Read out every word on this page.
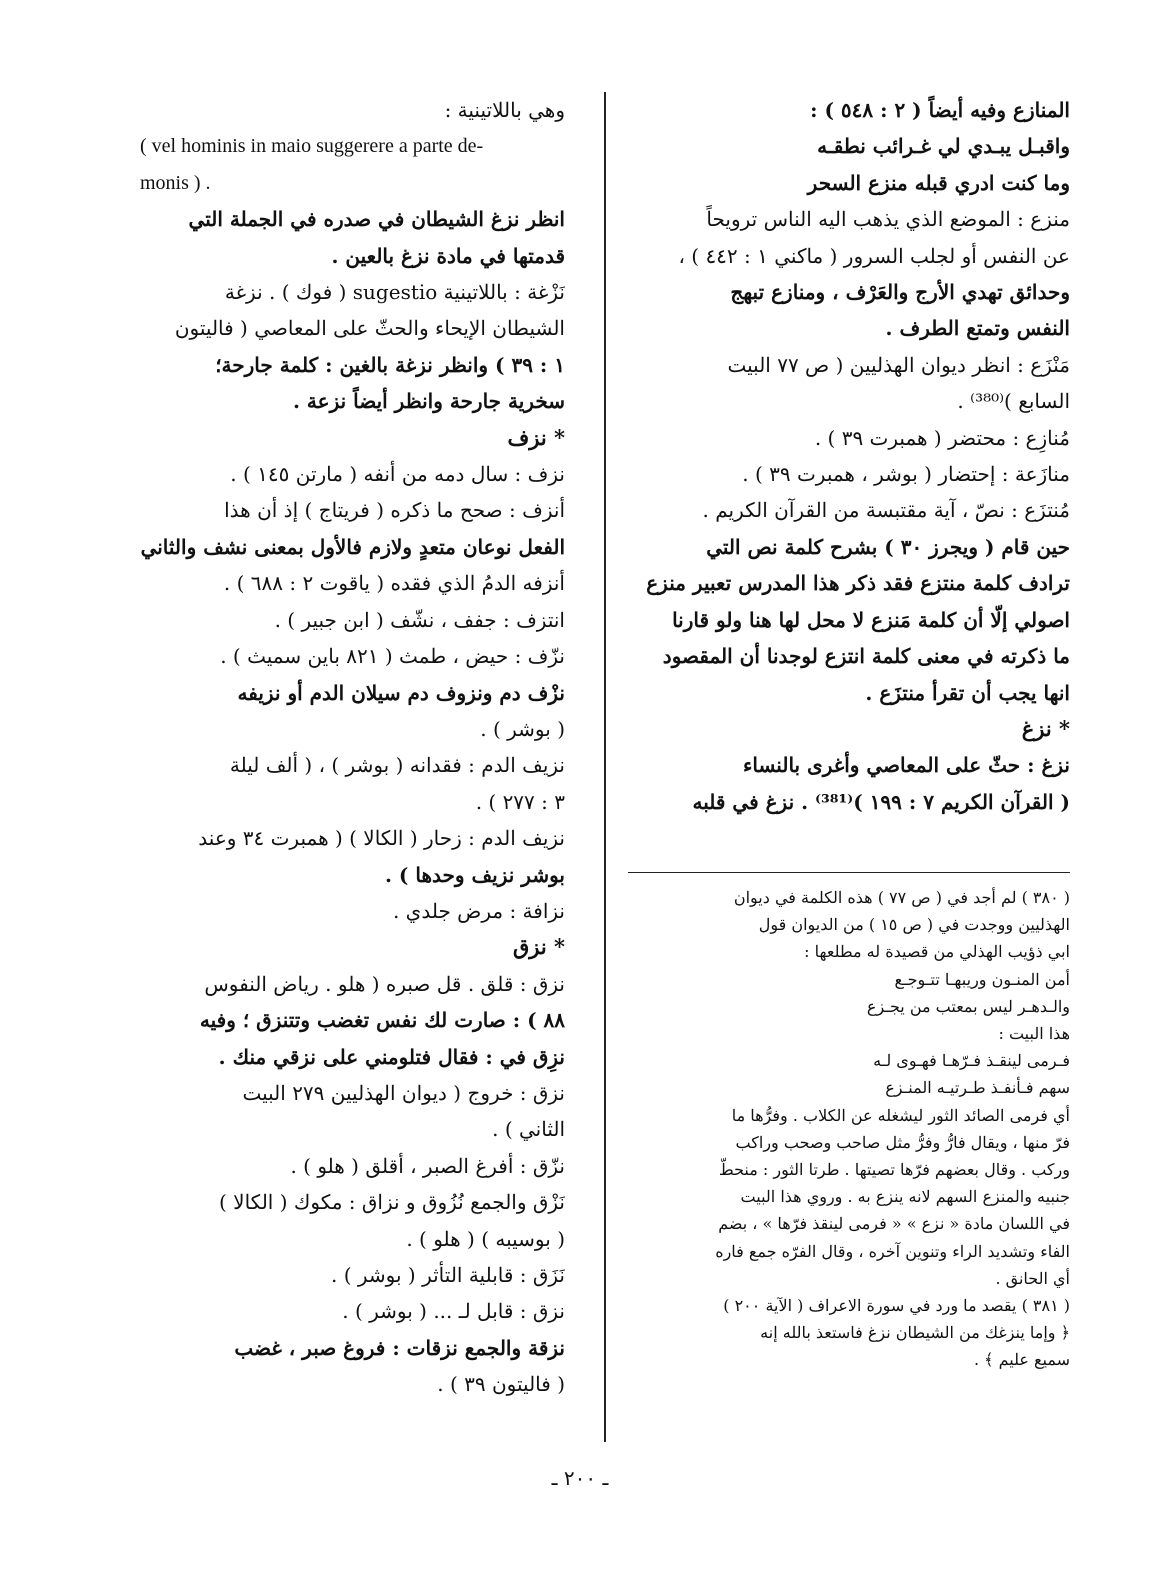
المنازع وفيه أيضاً ( ٢ : ٥٤٨ ) :
واقبـل يبـدي لي غـرائب نطقـه
وما كنت ادري قبله منزع السحر
منزع : الموضع الذي يذهب اليه الناس ترويحاً
عن النفس أو لجلب السرور ( ماكني ١ : ٤٤٢ ) ،
وحدائق تهدي الأرج والعَرْف ، ومنازع تبهج
النفس وتمتع الطرف .
مَنْزَع : انظر ديوان الهذليين ( ص ٧٧ البيت
السابع )⁽³⁸⁰⁾ .
مُنازِع : محتضر ( همبرت ٣٩ ) .
منازَعة : إحتضار ( بوشر ، همبرت ٣٩ ) .
مُنتزَع : نصّ ، آية مقتبسة من القرآن الكريم .
حين قام ( ويجرز ٣٠ ) بشرح كلمة نص التي
ترادف كلمة منتزع فقد ذكر هذا المدرس تعبير منزع
اصولي إلّا أن كلمة مَنزع لا محل لها هنا ولو قارنا
ما ذكرته في معنى كلمة انتزع لوجدنا أن المقصود
انها يجب أن تقرأ منتزَع .
* نزغ
نزغ : حثّ على المعاصي وأغرى بالنساء
( القرآن الكريم ٧ : ١٩٩ )⁽³⁸¹⁾ . نزغ في قلبه
وهي باللاتينية :
( vel hominis in maio suggerere a parte de-
monis ) .
انظر نزغ الشيطان في صدره في الجملة التي
قدمتها في مادة نزغ بالعين .
نَزْغة : باللاتينية sugestio ( فوك ) . نزغة
الشيطان الإيحاء والحثّ على المعاصي ( فاليتون
١ : ٣٩ ) وانظر نزغة بالغين : كلمة جارحة؛
سخرية جارحة وانظر أيضاً نزعة .
* نزف
نزف : سال دمه من أنفه ( مارتن ١٤٥ ) .
أنزف : صحح ما ذكره ( فريتاج ) إذ أن هذا
الفعل نوعان متعدٍ ولازم فالأول بمعنى نشف والثاني
أنزفه الدمُ الذي فقده ( ياقوت ٢ : ٦٨٨ ) .
انتزف : جفف ، نشّف ( ابن جبير ) .
نزّف : حيض ، طمث ( ٨٢١ باين سميث ) .
نزْف دم ونزوف دم سيلان الدم أو نزيفه
( بوشر ) .
نزيف الدم : فقدانه ( بوشر ) ، ( ألف ليلة
٣ : ٢٧٧ ) .
نزيف الدم : زحار ( الكالا ) ( همبرت ٣٤ وعند
بوشر نزيف وحدها ) .
نزافة : مرض جلدي .
* نزق
نزق : قلق . قل صبره ( هلو . رياض النفوس
٨٨ ) : صارت لك نفس تغضب وتتنزق ؛ وفيه
نزِق في : فقال فتلومني على نزقي منك .
نزق : خروج ( ديوان الهذليين ٢٧٩ البيت
الثاني ) .
نزّق : أفرغ الصبر ، أقلق ( هلو ) .
نَزْق والجمع نُزُوق و نزاق : مكوك ( الكالا )
( بوسيبه ) ( هلو ) .
نَزَق : قابلية التأثر ( بوشر ) .
نزق : قابل لـ ... ( بوشر ) .
نزقة والجمع نزقات : فروغ صبر ، غضب
( فاليتون ٣٩ ) .
( ٣٨٠ ) لم أجد في ( ص ٧٧ ) هذه الكلمة في ديوان
الهذليين ووجدت في ( ص ١٥ ) من الديوان قول
ابي ذؤيب الهذلي من قصيدة له مطلعها :
أمن المنـون وريبهـا تتـوجـع
والـدهـر ليس بمعتب من يجـزع
هذا البيت :
فـرمى لينقـذ فـرّهـا فهـوى لـه
سهم فـأنفـذ طـرتيـه المنـزع
أي فرمى الصائد الثور ليشغله عن الكلاب . وفرُّها ما
فرّ منها ، ويقال فارُّ وفرُّ مثل صاحب وصحب وراكب
وركب . وقال بعضهم فرّها تصيتها . طرتا الثور : منحطّ
جنبيه والمنزع السهم لانه ينزع به . وروي هذا البيت
في اللسان مادة « نزع » « فرمى لينقذ فرّها » ، بضم
الفاء وتشديد الراء وتنوين آخره ، وقال الفرّه جمع فاره
أي الحانق .
( ٣٨١ ) يقصد ما ورد في سورة الاعراف ( الآية ٢٠٠ )
﴿ وإما ينزغك من الشيطان نزغ فاستعذ بالله إنه
سميع عليم ﴾ .
ـ ٢٠٠ ـ
